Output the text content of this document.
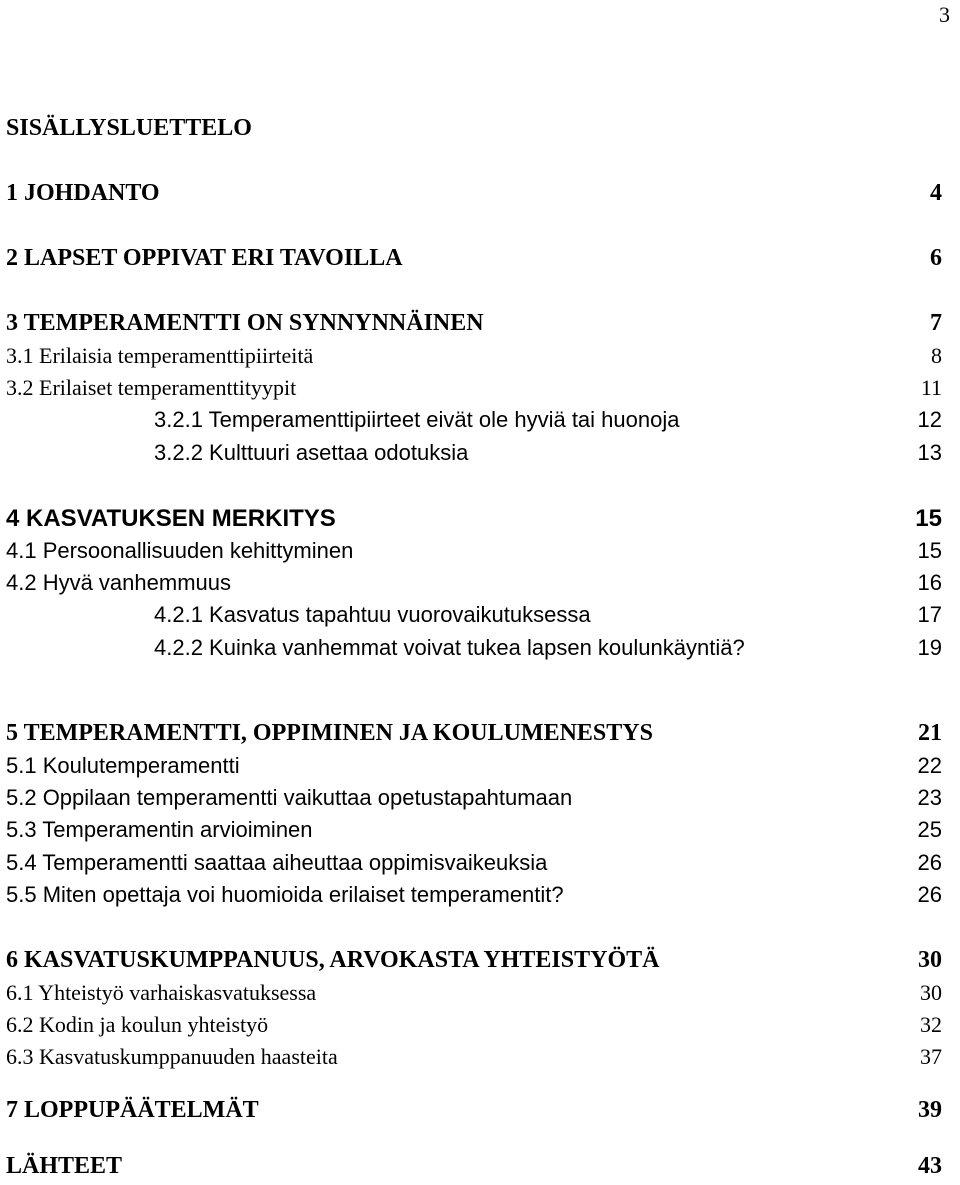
3
SISÄLLYSLUETTELO
1 JOHDANTO	4
2 LAPSET OPPIVAT ERI TAVOILLA	6
3 TEMPERAMENTTI ON SYNNYNNÄINEN	7
3.1 Erilaisia temperamenttipiirteitä	8
3.2 Erilaiset temperamenttityypit	11
3.2.1 Temperamenttipiirteet eivät ole hyviä tai huonoja	12
3.2.2 Kulttuuri asettaa odotuksia	13
4 KASVATUKSEN MERKITYS	15
4.1 Persoonallisuuden kehittyminen	15
4.2 Hyvä vanhemmuus	16
4.2.1 Kasvatus tapahtuu vuorovaikutuksessa	17
4.2.2 Kuinka vanhemmat voivat tukea lapsen koulunkäyntiä?	19
5 TEMPERAMENTTI, OPPIMINEN JA KOULUMENESTYS	21
5.1 Koulutemperamentti	22
5.2 Oppilaan temperamentti vaikuttaa opetustapahtumaan	23
5.3 Temperamentin arvioiminen	25
5.4 Temperamentti saattaa aiheuttaa oppimisvaikeuksia	26
5.5 Miten opettaja voi huomioida erilaiset temperamentit?	26
6 KASVATUSKUMPPANUUS, ARVOKASTA YHTEISTYÖTÄ	30
6.1 Yhteistyö varhaiskasvatuksessa	30
6.2 Kodin ja koulun yhteistyö	32
6.3 Kasvatuskumppanuuden haasteita	37
7 LOPPUPÄÄTELMÄT	39
LÄHTEET	43
